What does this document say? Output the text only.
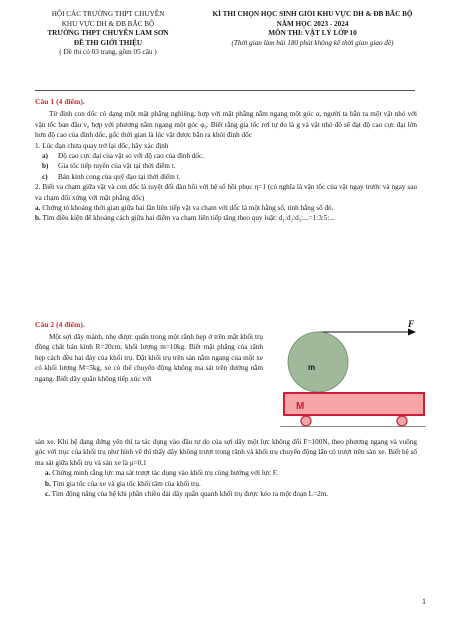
HỘI CÁC TRƯỜNG THPT CHUYÊN
KHU VỰC DH & ĐB BẮC BỘ
TRƯỜNG THPT CHUYÊN LAM SƠN
ĐỀ THI GIỚI THIỆU
( Đề thi có 03 trang, gồm 05 câu )
KÌ THI CHỌN HỌC SINH GIỎI KHU VỰC DH & ĐB BẮC BỘ
NĂM HỌC 2023 - 2024
MÔN THI: VẬT LÝ LỚP 10
(Thời gian làm bài 180 phút không kể thời gian giao đề)
Câu 1 (4 điểm).
Từ đỉnh con dốc có dạng một mặt phẳng nghiêng, hợp với mặt phẳng nằm ngang một góc α, người ta bắn ra một vật nhỏ với vận tốc ban đầu v₀ hợp với phương nằm ngang một góc φ₀. Biết rằng gia tốc rơi tự do là g và vật nhỏ đó sẽ đạt độ cao cực đại lớn hơn độ cao của đỉnh dốc, gốc thời gian là lúc vật được bắn ra khỏi đỉnh dốc
1. Lúc đạn chưa quay trở lại dốc, hãy xác định
a) Độ cao cực đại của vật so với độ cao của đỉnh dốc.
b) Gia tốc tiếp tuyến của vật tại thời điểm t.
c) Bán kính cong của quỹ đạo tại thời điểm t.
2. Biết va chạm giữa vật và con dốc là tuyệt đối đàn hồi với hệ số hồi phục η=1 (có nghĩa là vận tốc của vật ngay trước và ngay sau va chạm đối xứng với mặt phẳng dốc)
a. Chứng tỏ khoảng thời gian giữa hai lần liên tiếp vật va chạm với dốc là một hằng số, tính hằng số đó.
b. Tìm điều kiện để khoảng cách giữa hai điểm va chạm liên tiếp tăng theo quy luật: d₁:d₂:d₃:...=1:3:5:...
Câu 2 (4 điểm).
Một sợi dây mảnh, nhẹ được quấn trong một rãnh hẹp ở trên mặt khối trụ đồng chất bán kính R=20cm, khối lượng m=10kg. Biết mặt phẳng của rãnh hẹp cách đều hai đáy của khối trụ. Đặt khối trụ trên sàn nằm ngang của một xe có khối lượng M=5kg, xe có thể chuyển động không ma sát trên đường nằm ngang. Biết dây quấn không tiếp xúc với
sàn xe. Khi hệ đang đứng yên thì ta tác dụng vào đầu tự do của sợi dây một lực không đổi F=100N, theo phương ngang và vuông góc với trục của khối trụ như hình vẽ thì thấy dây không trượt trong rãnh và khối trụ chuyển động lăn có trượt trên sàn xe. Biết hệ số ma sát giữa khối trụ và sàn xe là μ=0,1
a. Chứng minh rằng lực ma sát trượt tác dụng vào khối trụ cùng hướng với lực F.
b. Tìm gia tốc của xe và gia tốc khối tâm của khối trụ.
c. Tìm động năng của hệ khi phần chiều dài dây quấn quanh khối trụ được kéo ra một đoạn L=2m.
F
m
M
1
